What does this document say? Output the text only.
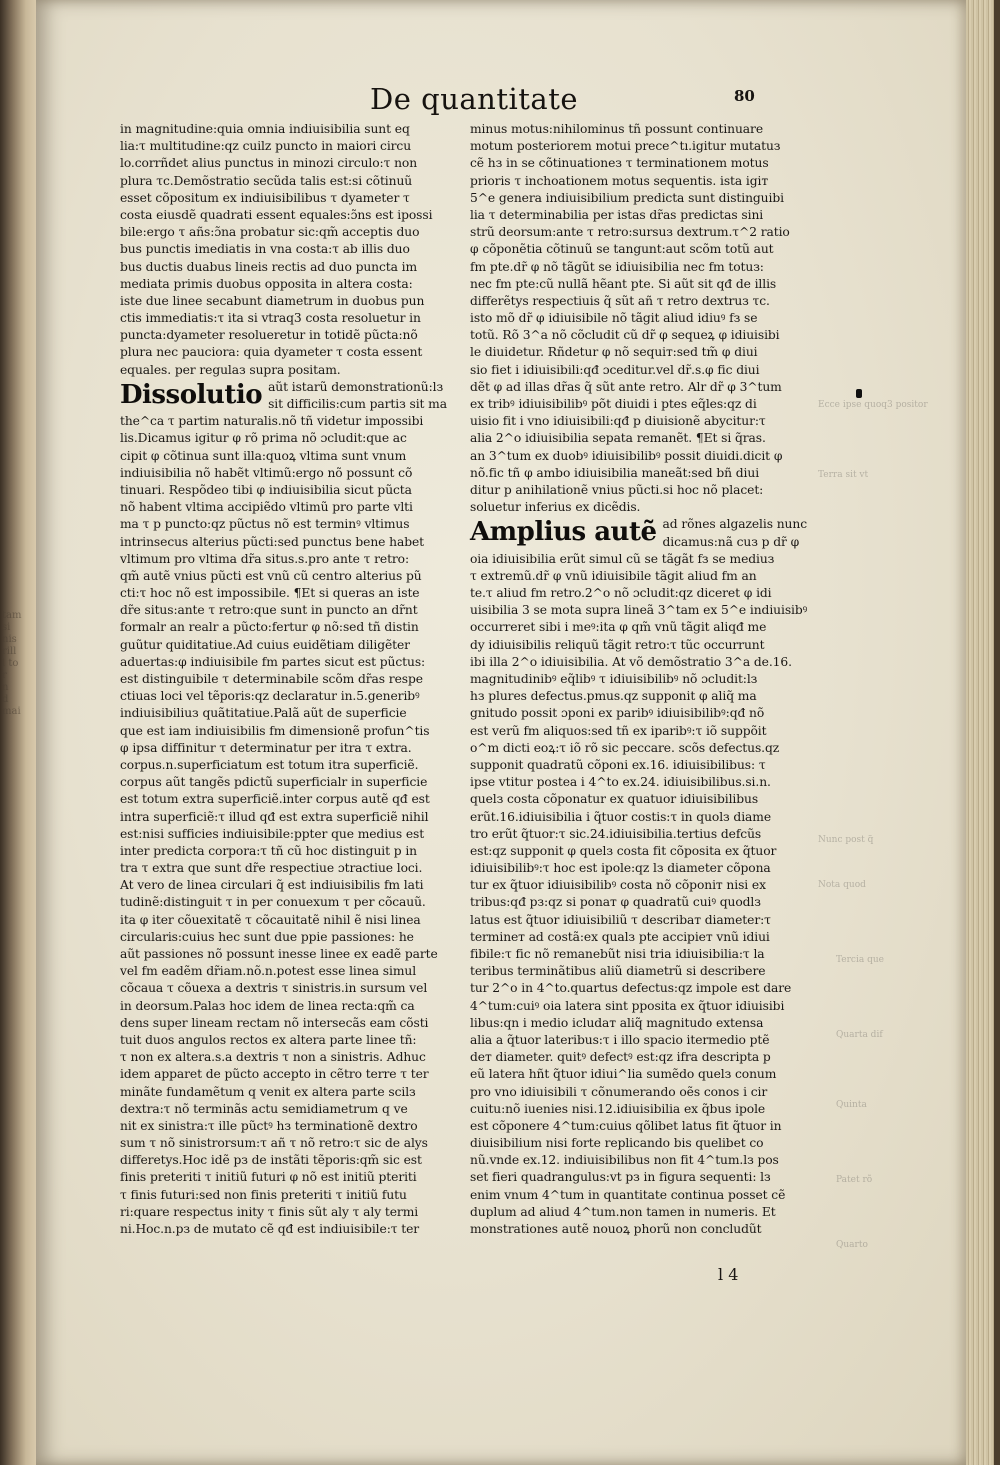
tam
si
nis
rill
l to
r
n
d
mai
Ecce ipse quoq3 positor
Terra sit vt
Nunc post q̃
Nota quod
Tercia que
Quarta dif
Quinta
Patet rõ
Quarto
De quantitate	80
in magnitudine:quia omnia indiuisibilia sunt eq
lia:τ multitudine:qz cuilz puncto in maiori circu
lo.corrñdet alius punctus in minozi circulo:τ non
plura τc.Demõstratio secũda talis est:si cõtinuũ
esset cõpositum ex indiuisibilibus τ dyameter τ
costa eiusdẽ quadrati essent equales:ɔ̃ns est ipossi
bile:ergo τ añs:ɔ̃na probatur sic:qm̃ acceptis duo
bus punctis imediatis in vna costa:τ ab illis duo
bus ductis duabus lineis rectis ad duo puncta im
mediata primis duobus opposita in altera costa:
iste due linee secabunt diametrum in duobus pun
ctis immediatis:τ ita si vtraq3 costa resoluetur in
puncta:dyameter resolueretur in totidẽ pũcta:nõ
plura nec pauciora: quia dyameter τ costa essent
equales. per regulaз supra positam.
Dissolutio aũt istarũ demonstrationũ:lз
sit difficilis:cum partiз sit ma
the^ca τ partim naturalis.nõ tñ videtur impossibi
lis.Dicamus igitur φ rõ prima nõ ɔcludit:que ac
cipit φ cõtinua sunt illa:quoꝝ vltima sunt vnum
indiuisibilia nõ habẽt vltimũ:ergo nõ possunt cõ
tinuari. Respõdeo tibi φ indiuisibilia sicut pũcta
nõ habent vltima accipiẽdo vltimũ pro parte vlti
ma τ p puncto:qz pũctus nõ est terminꝰ vltimus
intrinsecus alterius pũcti:sed punctus bene habet
vltimum pro vltima dr̃a situs.s.pro ante τ retro:
qm̃ autẽ vnius pũcti est vnũ cũ centro alterius pũ
cti:τ hoc nõ est impossibile. ¶Et si queras an iste
dr̃e situs:ante τ retro:que sunt in puncto an dr̃nt
formalr an realr a pũcto:fertur φ nõ:sed tñ distin
guũtur quiditatiue.Ad cuius euidẽtiam diligẽter
aduertas:φ indiuisibile fm partes sicut est pũctus:
est distinguibile τ determinabile scõm dr̃as respe
ctiuas loci vel tẽporis:qz declaratur in.5.generibꝰ
indiuisibiliuз quãtitatiue.Palã aũt de superficie
que est iam indiuisibilis fm dimensionẽ profun^tis
φ ipsa diffinitur τ determinatur per itra τ extra.
corpus.n.superficiatum est totum itra superficiẽ.
corpus aũt tangẽs pdictũ superficialr in superficie
est totum extra superficiẽ.inter corpus autẽ qđ est
intra superficiẽ:τ illud qđ est extra superficiẽ nihil
est:nisi sufficies indiuisibile:ppter que medius est
inter predicta corpora:τ tñ cũ hoc distinguit p in
tra τ extra que sunt dr̃e respectiue ɔtractiue loci.
At vero de linea circulari q̃ est indiuisibilis fm lati
tudinẽ:distinguit τ in per conuexum τ per cõcauũ.
ita φ iter cõuexitatẽ τ cõcauitatẽ nihil ẽ nisi linea
circularis:cuius hec sunt due ppie passiones: he
aũt passiones nõ possunt inesse linee ex eadẽ parte
vel fm eadẽm dr̃iam.nõ.n.potest esse linea simul
cõcaua τ cõuexa a dextris τ sinistris.in sursum vel
in deorsum.Palaз hoc idem de linea recta:qm̃ ca
dens super lineam rectam nõ intersecãs eam cõsti
tuit duos angulos rectos ex altera parte linee tñ:
τ non ex altera.s.a dextris τ non a sinistris. Adhuc
idem apparet de pũcto accepto in cẽtro terre τ ter
minãte fundamẽtum q venit ex altera parte scilз
dextra:τ nõ terminãs actu semidiametrum q ve
nit ex sinistra:τ ille pũctꝰ hз terminationẽ dextro
sum τ nõ sinistrorsum:τ añ τ nõ retro:τ sic de alys
differetys.Hoc idẽ pз de instãti tẽporis:qm̃ sic est
finis preteriti τ initiũ futuri φ nõ est initiũ pteriti
τ finis futuri:sed non finis preteriti τ initiũ futu
ri:quare respectus inity τ finis sũt aly τ aly termi
ni.Hoc.n.pз de mutato cẽ qđ est indiuisibile:τ ter
minus motus:nihilominus tñ possunt continuare
motum posteriorem motui prece^tı.igitur mutatuз
cẽ hз in se cõtinuationeз τ terminationem motus
prioris τ inchoationem motus sequentis. ista igiт
5^e genera indiuisibilium predicta sunt distinguibi
lia τ determinabilia per istas dr̃as predictas sini
strũ deorsum:ante τ retro:sursuз dextrum.τ^2 ratio
φ cõponẽtia cõtinuũ se tangunt:aut scõm totũ aut
fm pte.dr̃ φ nõ tãgũt se idiuisibilia nec fm totuз:
nec fm pte:cũ nullã hẽant pte. Si aũt sit qđ de illis
differẽtys respectiuis q̃ sũt añ τ retro dextruз τc.
isto mõ dr̃ φ idiuisibile nõ tãgit aliud idiuꝰ fз se
totũ. Rõ 3^a nõ cõcludit cũ dr̃ φ sequeꝝ φ idiuisibi
le diuidetur. Rñdetur φ nõ sequiт:sed tm̃ φ diui
sio fiet i idiuisibili:qđ ɔceditur.vel dr̃.s.φ fic diui
dẽt φ ad illas dr̃as q̃ sũt ante retro. Alr dr̃ φ 3^tum
ex tribꝰ idiuisibilibꝰ põt diuidi i ptes eq̃les:qz di
uisio fit i vno idiuisibili:qđ p diuisionẽ abycitur:τ
alia 2^o idiuisibilia sepata remanẽt. ¶Et si q̃ras.
an 3^tum ex duobꝰ idiuisibilibꝰ possit diuidi.dicit φ
nõ.fic tñ φ ambo idiuisibilia maneãt:sed bñ diui
ditur p anihilationẽ vnius pũcti.si hoc nõ placet:
soluetur inferius ex dicẽdis.
Amplius autẽ ad rõnes algazelis nunc
dicamus:nã cuз p dr̃ φ
oia idiuisibilia erũt simul cũ se tãgãt fз se mediuз
τ extremũ.dr̃ φ vnũ idiuisibile tãgit aliud fm an
te.τ aliud fm retro.2^o nõ ɔcludit:qz diceret φ idi
uisibilia 3 se mota supra lineã 3^tam ex 5^e indiuisibꝰ
occurreret sibi i meꝰ:ita φ qm̃ vnũ tãgit aliqđ me
dy idiuisibilis reliquũ tãgit retro:τ tũc occurrunt
ibi illa 2^o idiuisibilia. At võ demõstratio 3^a de.16.
magnitudinibꝰ eq̃libꝰ τ idiuisibilibꝰ nõ ɔcludit:lз
hз plures defectus.pmus.qz supponit φ aliq̃ ma
gnitudo possit ɔponi ex paribꝰ idiuisibilibꝰ:qđ nõ
est verũ fm aliquos:sed tñ ex iparibꝰ:τ iõ suppõit
o^m dicti eoꝝ:τ iõ rõ sic peccare. scõs defectus.qz
supponit quadratũ cõponi ex.16. idiuisibilibus: τ
ipse vtitur postea i 4^to ex.24. idiuisibilibus.si.n.
quelз costa cõponatur ex quatuor idiuisibilibus
erũt.16.idiuisibilia i q̃tuor costis:τ in quolз diame
tro erũt q̃tuor:τ sic.24.idiuisibilia.tertius defcũs
est:qz supponit φ quelз costa fit cõposita ex q̃tuor
idiuisibilibꝰ:τ hoc est ipole:qz lз diameter cõpona
tur ex q̃tuor idiuisibilibꝰ costa nõ cõponiт nisi ex
tribus:qđ pз:qz si ponaт φ quadratũ cuiꝰ quodlз
latus est q̃tuor idiuisibiliũ τ describaт diameter:τ
termineт ad costã:ex qualз pte accipieт vnũ idiui
fibile:τ fic nõ remanebũt nisi tria idiuisibilia:τ la
teribus terminãtibus aliũ diametrũ si describere
tur 2^o in 4^to.quartus defectus:qz impole est dare
4^tum:cuiꝰ oia latera sint pposita ex q̃tuor idiuisibi
libus:qn i medio icludaт aliq̃ magnitudo extensa
alia a q̃tuor lateribus:τ i illo spacio itermedio ptẽ
deт diameter. quitꝰ defectꝰ est:qz ifra descripta p
eũ latera hñt q̃tuor idiui^lia sumẽdo quelз conum
pro vno idiuisibili τ cõnumerando oẽs conos i cir
cuitu:nõ iuenies nisi.12.idiuisibilia ex q̃bus ipole
est cõponere 4^tum:cuius qõlibet latus fit q̃tuor in
diuisibilium nisi forte replicando bis quelibet co
nũ.vnde ex.12. indiuisibilibus non fit 4^tum.lз pos
set fieri quadrangulus:vt pз in figura sequenti: lз
enim vnum 4^tum in quantitate continua posset cẽ
duplum ad aliud 4^tum.non tamen in numeris. Et
monstrationes autẽ nouoꝝ phorũ non concludũt
l 4
